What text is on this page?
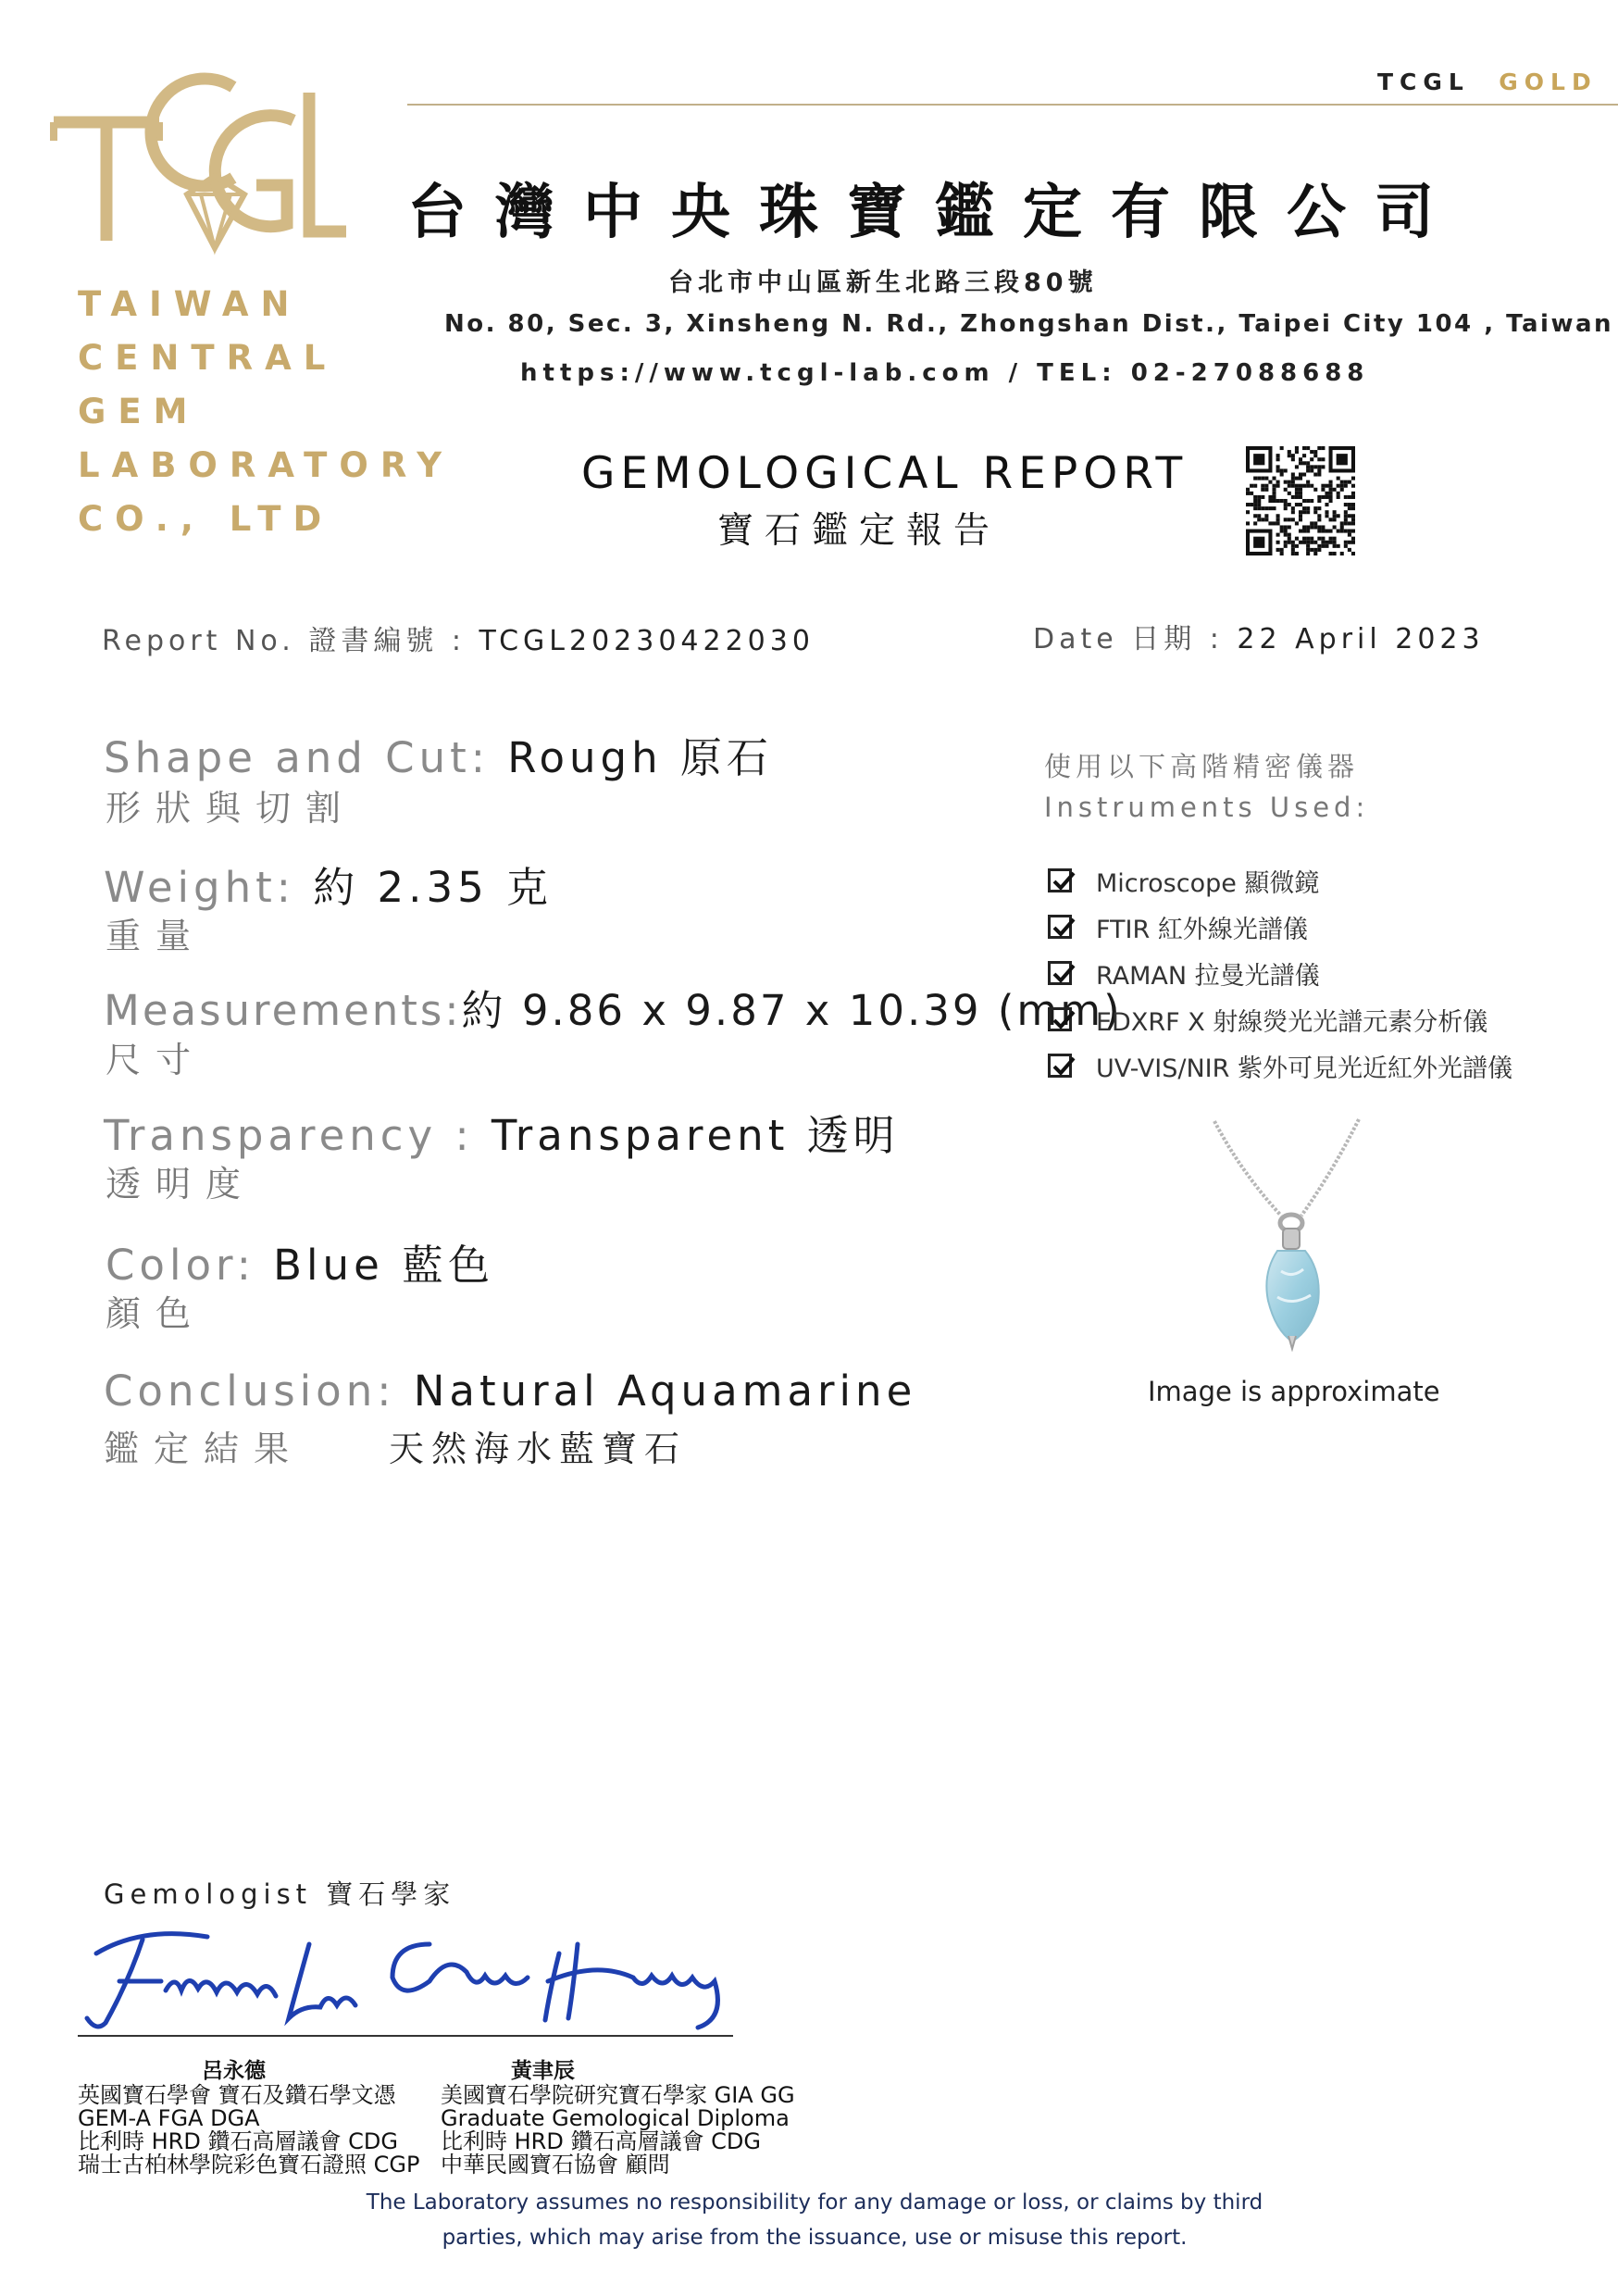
TCGL GOLD
TAIWAN
CENTRAL
GEM
LABORATORY
CO., LTD
台灣中央珠寶鑑定有限公司
台北市中山區新生北路三段80號
No. 80, Sec. 3, Xinsheng N. Rd., Zhongshan Dist., Taipei City 104 , Taiwan
https://www.tcgl-lab.com / TEL: 02-27088688
GEMOLOGICAL REPORT
寶石鑑定報告
Report No. 證書編號 : TCGL20230422030	Date 日期 : 22 April 2023
Shape and Cut: Rough 原石
形狀與切割
Weight: 約 2.35 克
重量
Measurements:約 9.86 x 9.87 x 10.39 (mm)
尺寸
Transparency : Transparent 透明
透明度
Color: Blue 藍色
顏色
Conclusion: Natural Aquamarine
鑑定結果 天然海水藍寶石
使用以下高階精密儀器
Instruments Used:
Microscope 顯微鏡
FTIR 紅外線光譜儀
RAMAN 拉曼光譜儀
EDXRF X 射線熒光光譜元素分析儀
UV-VIS/NIR 紫外可見光近紅外光譜儀
Image is approximate
Gemologist 寶石學家
呂永德	黃聿辰
英國寶石學會 寶石及鑽石學文憑
GEM-A FGA DGA
比利時 HRD 鑽石高層議會 CDG
瑞士古柏林學院彩色寶石證照 CGP
美國寶石學院研究寶石學家 GIA GG
Graduate Gemological Diploma
比利時 HRD 鑽石高層議會 CDG
中華民國寶石協會 顧問
The Laboratory assumes no responsibility for any damage or loss, or claims by third
parties, which may arise from the issuance, use or misuse this report.
